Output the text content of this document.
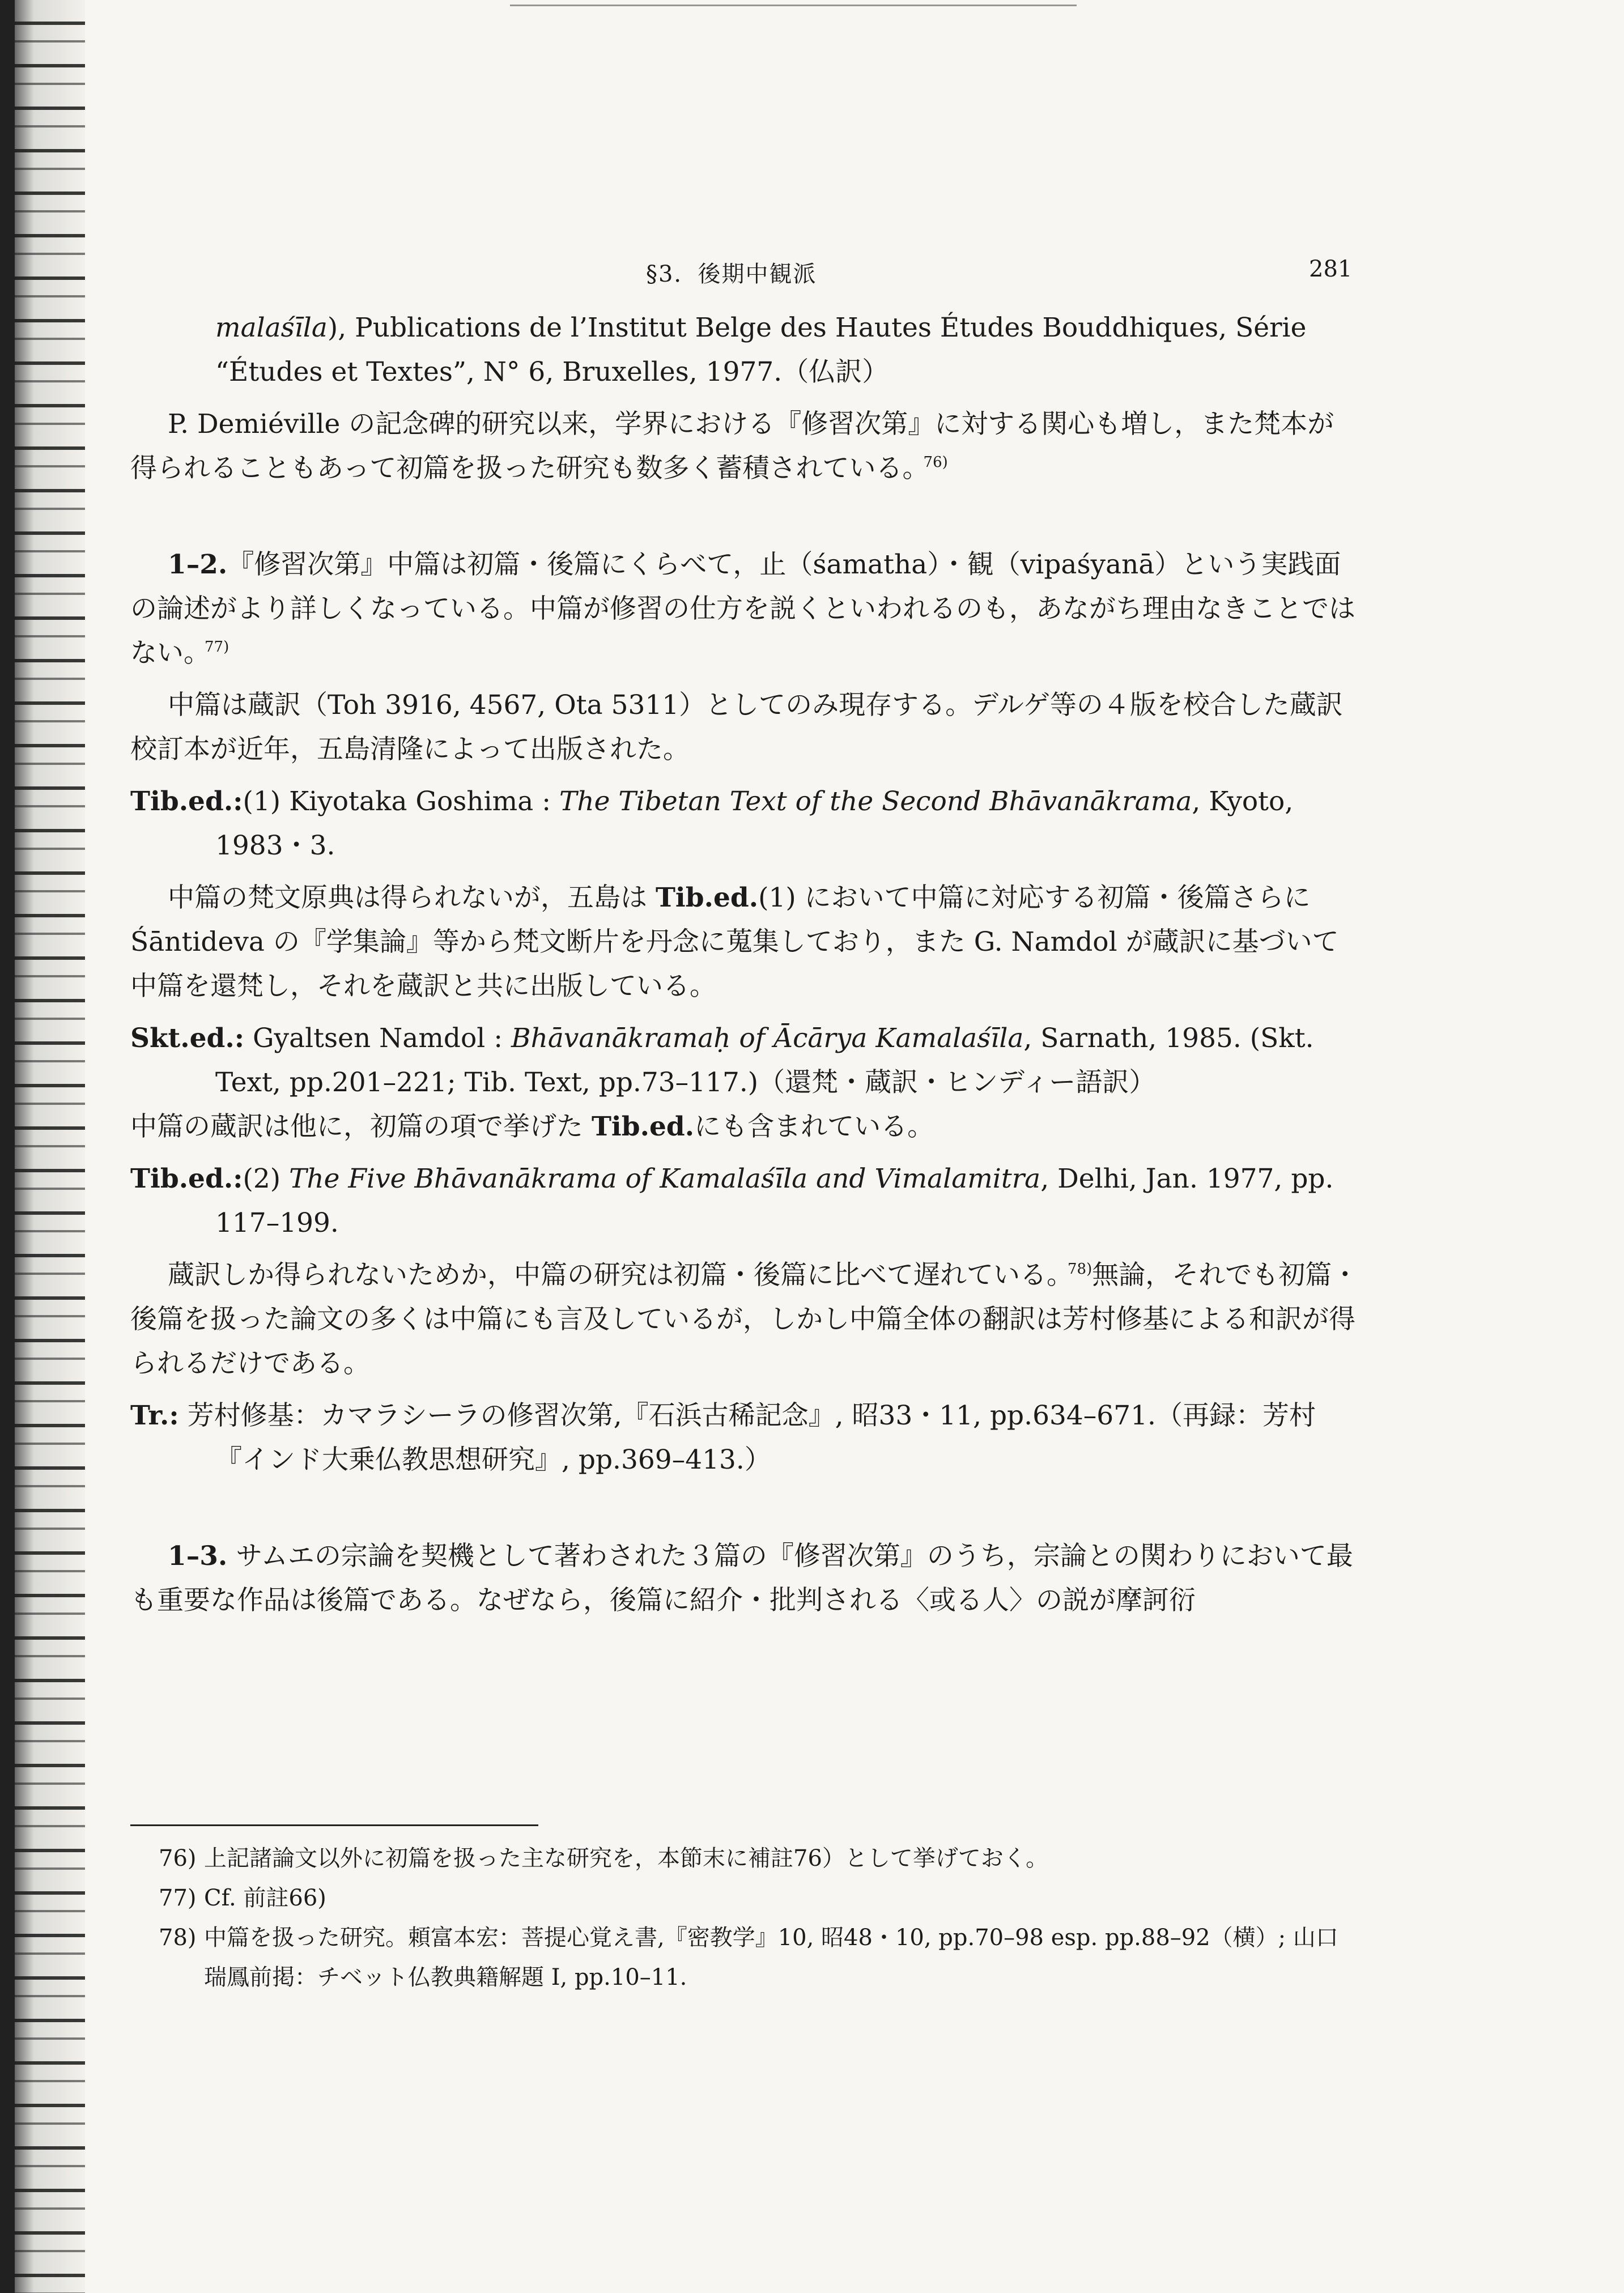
§3．後期中観派	281

malaśīla), Publications de l’Institut Belge des Hautes Études Bouddhiques, Série “Études et Textes”, N° 6, Bruxelles, 1977.（仏訳）

P. Demiéville の記念碑的研究以来，学界における『修習次第』に対する関心も増し，また梵本が得られることもあって初篇を扱った研究も数多く蓄積されている。$^{76)}$

1–2.『修習次第』中篇は初篇・後篇にくらべて，止（śamatha）・観（vipaśyanā）という実践面の論述がより詳しくなっている。中篇が修習の仕方を説くといわれるのも，あながち理由なきことではない。$^{77)}$

中篇は蔵訳（Toh 3916, 4567, Ota 5311）としてのみ現存する。デルゲ等の４版を校合した蔵訳校訂本が近年，五島清隆によって出版された。

Tib.ed.:(1) Kiyotaka Goshima : The Tibetan Text of the Second Bhāvanākrama, Kyoto, 1983・3.

中篇の梵文原典は得られないが，五島は Tib.ed.(1) において中篇に対応する初篇・後篇さらに Śāntideva の『学集論』等から梵文断片を丹念に蒐集しており，また G. Namdol が蔵訳に基づいて中篇を還梵し，それを蔵訳と共に出版している。

Skt.ed.: Gyaltsen Namdol : Bhāvanākramaḥ of Ācārya Kamalaśīla, Sarnath, 1985. (Skt. Text, pp.201–221; Tib. Text, pp.73–117.)（還梵・蔵訳・ヒンディー語訳）

中篇の蔵訳は他に，初篇の項で挙げた Tib.ed.にも含まれている。

Tib.ed.:(2) The Five Bhāvanākrama of Kamalaśīla and Vimalamitra, Delhi, Jan. 1977, pp. 117–199.

蔵訳しか得られないためか，中篇の研究は初篇・後篇に比べて遅れている。$^{78)}$無論，それでも初篇・後篇を扱った論文の多くは中篇にも言及しているが，しかし中篇全体の翻訳は芳村修基による和訳が得られるだけである。

Tr.: 芳村修基：カマラシーラの修習次第,『石浜古稀記念』, 昭33・11, pp.634–671.（再録：芳村『インド大乗仏教思想研究』, pp.369–413.）

1–3. サムエの宗論を契機として著わされた３篇の『修習次第』のうち，宗論との関わりにおいて最も重要な作品は後篇である。なぜなら，後篇に紹介・批判される〈或る人〉の説が摩訶衍

76) 上記諸論文以外に初篇を扱った主な研究を，本節末に補註76）として挙げておく。
77) Cf. 前註66)
78) 中篇を扱った研究。頼富本宏：菩提心覚え書,『密教学』10, 昭48・10, pp.70–98 esp. pp.88–92（横）; 山口瑞鳳前掲：チベット仏教典籍解題 I, pp.10–11.
